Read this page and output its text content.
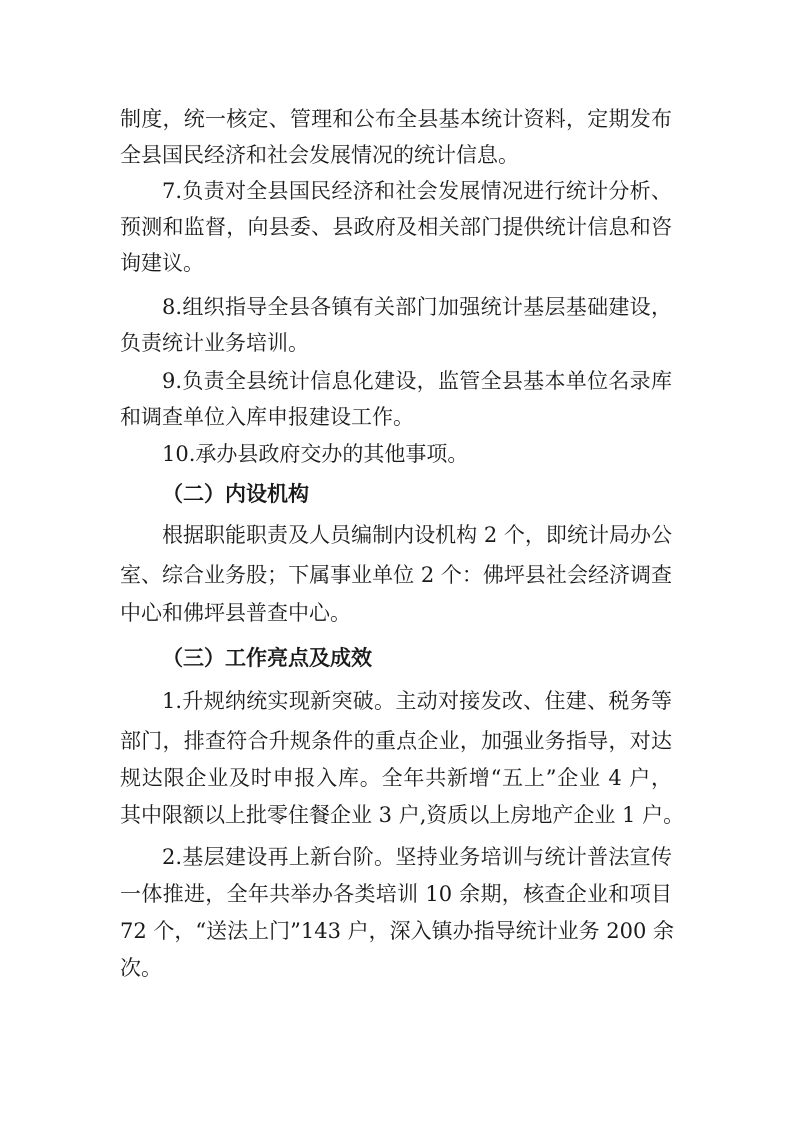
制度，统一核定、管理和公布全县基本统计资料，定期发布
全县国民经济和社会发展情况的统计信息。
7.负责对全县国民经济和社会发展情况进行统计分析、
预测和监督，向县委、县政府及相关部门提供统计信息和咨
询建议。
8.组织指导全县各镇有关部门加强统计基层基础建设，
负责统计业务培训。
9.负责全县统计信息化建设，监管全县基本单位名录库
和调查单位入库申报建设工作。
10.承办县政府交办的其他事项。
（二）内设机构
根据职能职责及人员编制内设机构 2 个，即统计局办公
室、综合业务股；下属事业单位 2 个：佛坪县社会经济调查
中心和佛坪县普查中心。
（三）工作亮点及成效
1.升规纳统实现新突破。主动对接发改、住建、税务等
部门，排查符合升规条件的重点企业，加强业务指导，对达
规达限企业及时申报入库。全年共新增“五上”企业 4 户，
其中限额以上批零住餐企业 3 户,资质以上房地产企业 1 户。
2.基层建设再上新台阶。坚持业务培训与统计普法宣传
一体推进，全年共举办各类培训 10 余期，核查企业和项目
72 个，“送法上门”143 户，深入镇办指导统计业务 200 余
次。
